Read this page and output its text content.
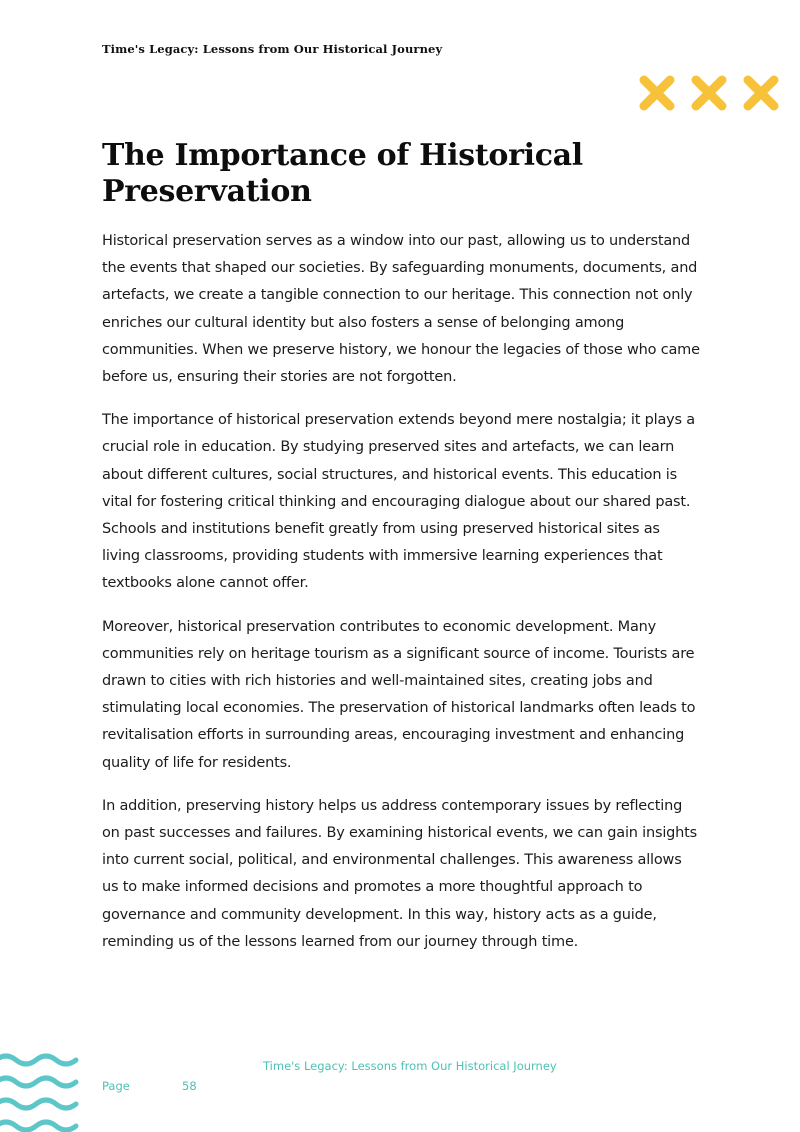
Time's Legacy: Lessons from Our Historical Journey
The Importance of Historical Preservation

Historical preservation serves as a window into our past, allowing us to understand the events that shaped our societies. By safeguarding monuments, documents, and artefacts, we create a tangible connection to our heritage. This connection not only enriches our cultural identity but also fosters a sense of belonging among communities. When we preserve history, we honour the legacies of those who came before us, ensuring their stories are not forgotten.

The importance of historical preservation extends beyond mere nostalgia; it plays a crucial role in education. By studying preserved sites and artefacts, we can learn about different cultures, social structures, and historical events. This education is vital for fostering critical thinking and encouraging dialogue about our shared past. Schools and institutions benefit greatly from using preserved historical sites as living classrooms, providing students with immersive learning experiences that textbooks alone cannot offer.

Moreover, historical preservation contributes to economic development. Many communities rely on heritage tourism as a significant source of income. Tourists are drawn to cities with rich histories and well-maintained sites, creating jobs and stimulating local economies. The preservation of historical landmarks often leads to revitalisation efforts in surrounding areas, encouraging investment and enhancing quality of life for residents.

In addition, preserving history helps us address contemporary issues by reflecting on past successes and failures. By examining historical events, we can gain insights into current social, political, and environmental challenges. This awareness allows us to make informed decisions and promotes a more thoughtful approach to governance and community development. In this way, history acts as a guide, reminding us of the lessons learned from our journey through time.

Time's Legacy: Lessons from Our Historical Journey
Page	58
